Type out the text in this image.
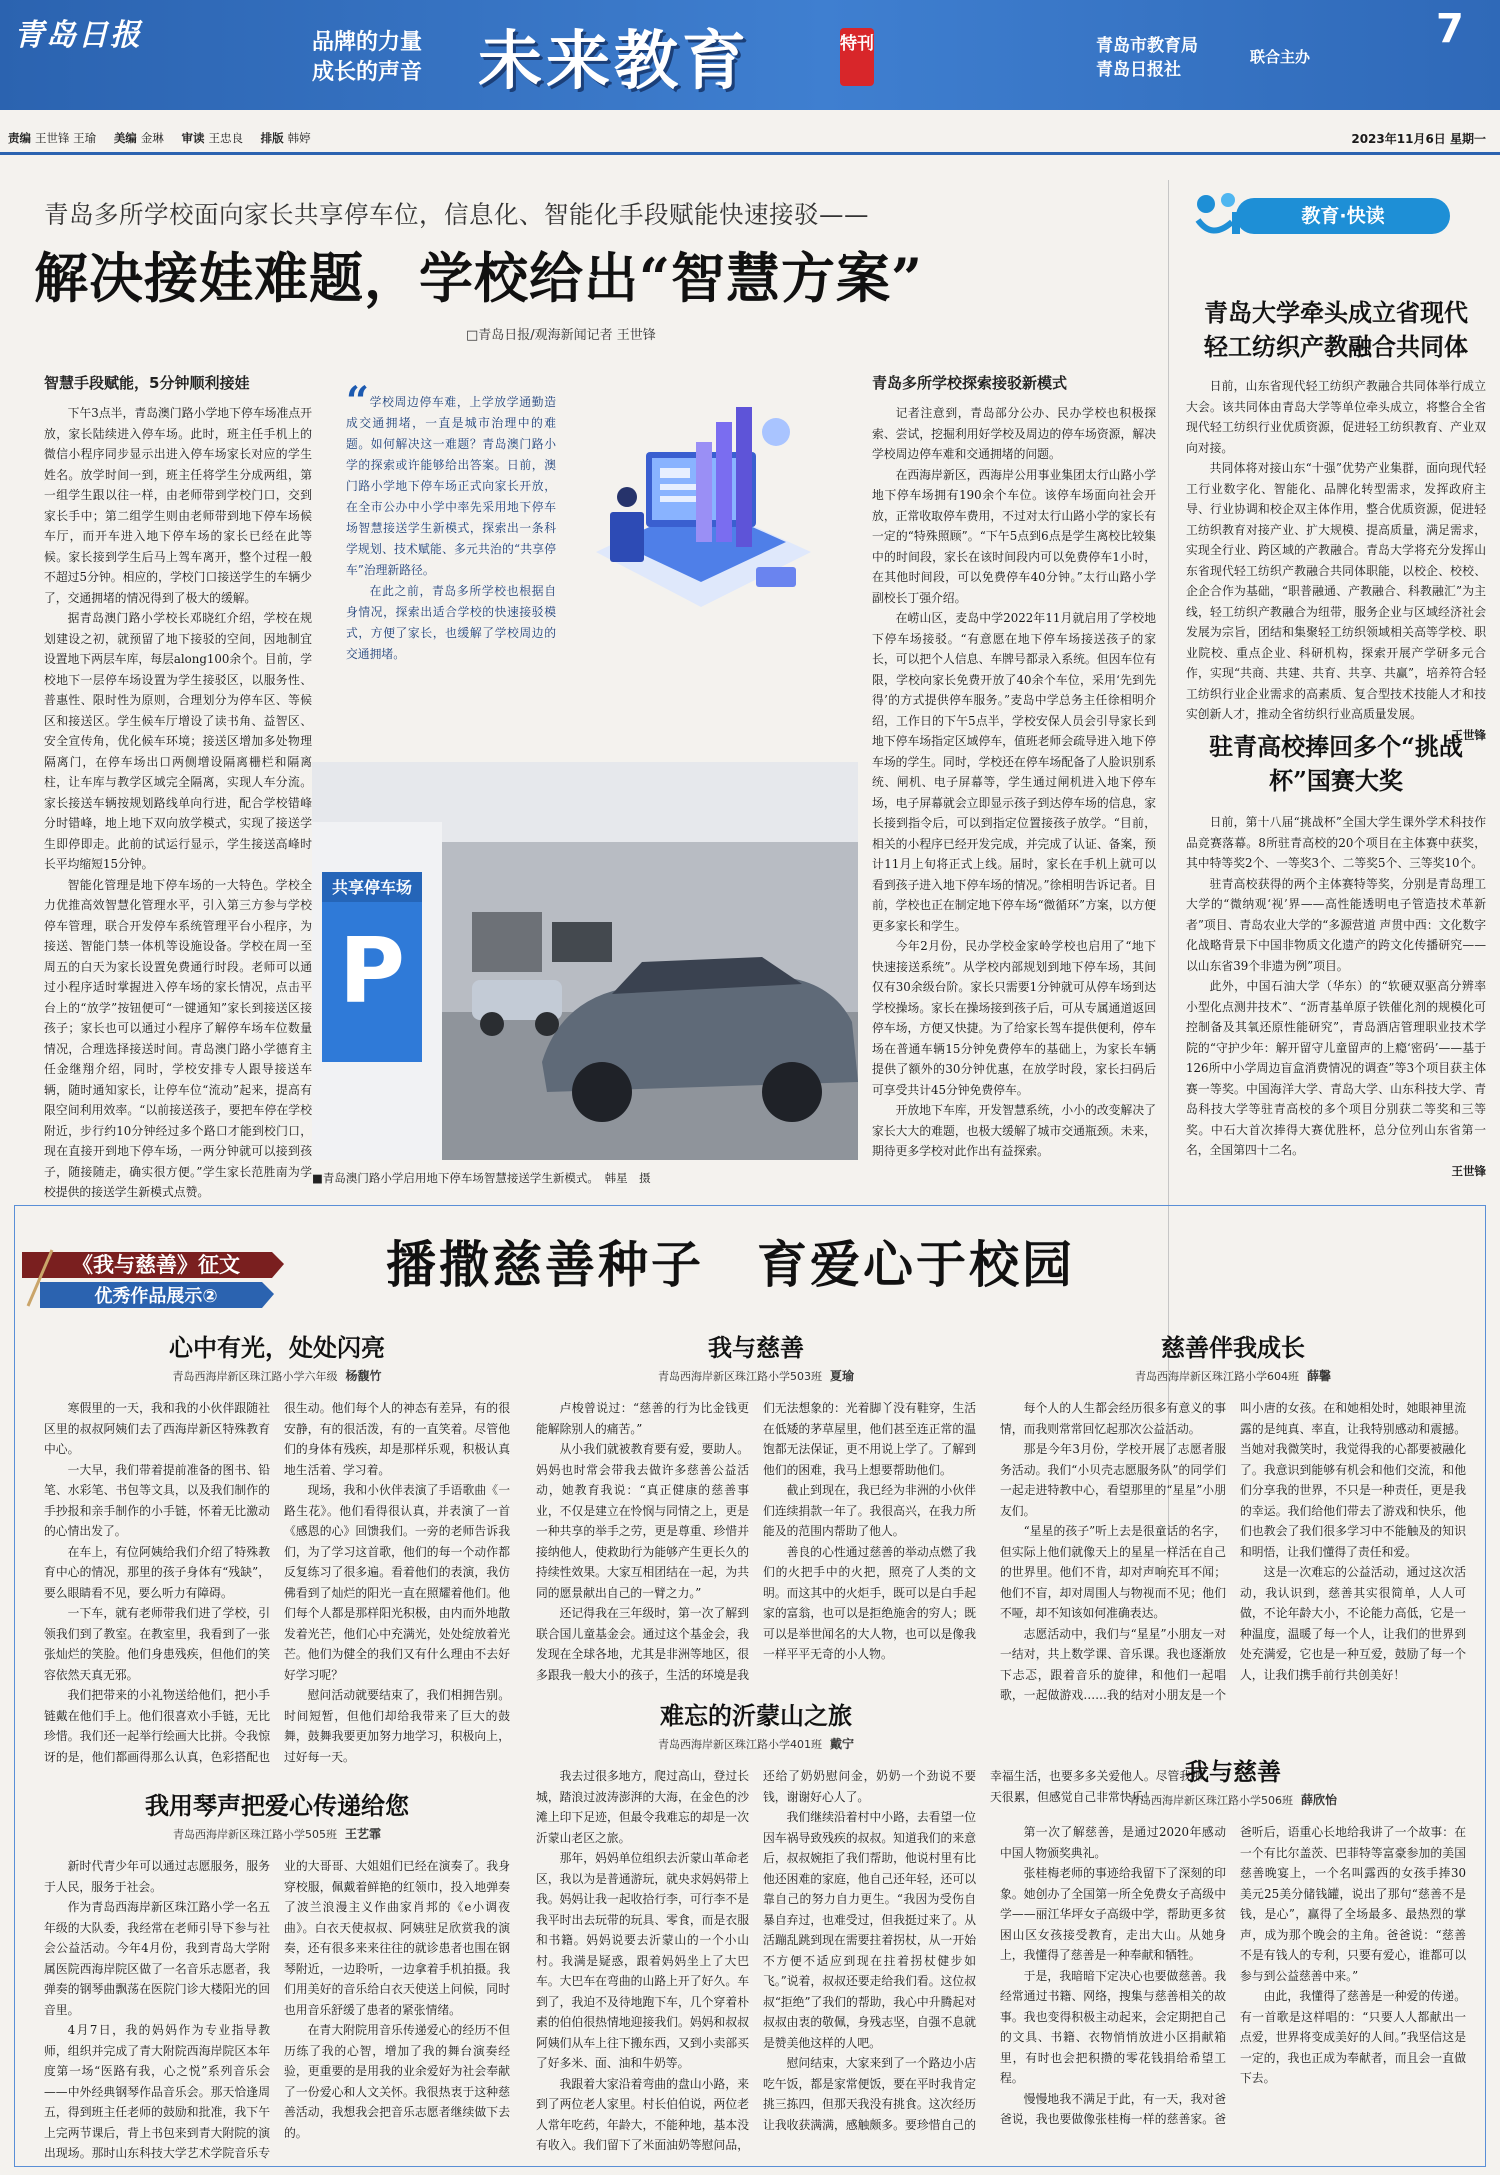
青岛日报	品牌的力量
成长的声音 未来教育	特刊	青岛市教育局
青岛日报社
联合主办
7
责编 王世锋 王瑜 美编 金琳 审读 王忠良 排版 韩婷	2023年11月6日 星期一
青岛多所学校面向家长共享停车位，信息化、智能化手段赋能快速接驳——
解决接娃难题，学校给出“智慧方案”
□青岛日报/观海新闻记者 王世锋
智慧手段赋能，5分钟顺利接娃

下午3点半，青岛澳门路小学地下停车场准点开放，家长陆续进入停车场。此时，班主任手机上的微信小程序同步显示出进入停车场家长对应的学生姓名。放学时间一到，班主任将学生分成两组，第一组学生跟以往一样，由老师带到学校门口，交到家长手中；第二组学生则由老师带到地下停车场候车厅，而开车进入地下停车场的家长已经在此等候。家长接到学生后马上驾车离开，整个过程一般不超过5分钟。相应的，学校门口接送学生的车辆少了，交通拥堵的情况得到了极大的缓解。

据青岛澳门路小学校长邓晓红介绍，学校在规划建设之初，就预留了地下接驳的空间，因地制宜设置地下两层车库，每层along100余个。目前，学校地下一层停车场设置为学生接驳区，以服务性、普惠性、限时性为原则，合理划分为停车区、等候区和接送区。学生候车厅增设了读书角、益智区、安全宣传角，优化候车环境；接送区增加多处物理隔离门，在停车场出口两侧增设隔离栅栏和隔离柱，让车库与教学区域完全隔离，实现人车分流。家长接送车辆按规划路线单向行进，配合学校错峰分时错峰，地上地下双向放学模式，实现了接送学生即停即走。此前的试运行显示，学生接送高峰时长平均缩短15分钟。

智能化管理是地下停车场的一大特色。学校全力优推高效智慧化管理水平，引入第三方参与学校停车管理，联合开发停车系统管理平台小程序，为接送、智能门禁一体机等设施设备。学校在周一至周五的白天为家长设置免费通行时段。老师可以通过小程序适时掌握进入停车场的家长情况，点击平台上的“放学”按钮便可“一键通知”家长到接送区接孩子；家长也可以通过小程序了解停车场车位数量情况，合理选择接送时间。青岛澳门路小学德育主任金继翔介绍，同时，学校安排专人跟导接送车辆，随时通知家长，让停车位“流动”起来，提高有限空间利用效率。“以前接送孩子，要把车停在学校附近，步行约10分钟经过多个路口才能到校门口，现在直接开到地下停车场，一两分钟就可以接到孩子，随接随走，确实很方便。”学生家长范胜南为学校提供的接送学生新模式点赞。

“ 学校周边停车难，上学放学通勤造成交通拥堵，一直是城市治理中的难题。如何解决这一难题？青岛澳门路小学的探索或许能够给出答案。日前，澳门路小学地下停车场正式向家长开放，在全市公办中小学中率先采用地下停车场智慧接送学生新模式，探索出一条科学规划、技术赋能、多元共治的“共享停车”治理新路径。

在此之前，青岛多所学校也根据自身情况，探索出适合学校的快速接驳模式，方便了家长，也缓解了学校周边的交通拥堵。

共享停车场
P
■青岛澳门路小学启用地下停车场智慧接送学生新模式。　韩星　摄
青岛多所学校探索接驳新模式

记者注意到，青岛部分公办、民办学校也积极探索、尝试，挖掘利用好学校及周边的停车场资源，解决学校周边停车难和交通拥堵的问题。

在西海岸新区，西海岸公用事业集团太行山路小学地下停车场拥有190余个车位。该停车场面向社会开放，正常收取停车费用，不过对太行山路小学的家长有一定的“特殊照顾”。“下午5点到6点是学生离校比较集中的时间段，家长在该时间段内可以免费停车1小时，在其他时间段，可以免费停车40分钟。”太行山路小学副校长丁强介绍。

在崂山区，麦岛中学2022年11月就启用了学校地下停车场接驳。“有意愿在地下停车场接送孩子的家长，可以把个人信息、车牌号都录入系统。但因车位有限，学校向家长免费开放了40余个车位，采用‘先到先得’的方式提供停车服务。”麦岛中学总务主任徐相明介绍，工作日的下午5点半，学校安保人员会引导家长到地下停车场指定区域停车，值班老师会疏导进入地下停车场的学生。同时，学校还在停车场配备了人脸识别系统、闸机、电子屏幕等，学生通过闸机进入地下停车场，电子屏幕就会立即显示孩子到达停车场的信息，家长接到指令后，可以到指定位置接孩子放学。“目前，相关的小程序已经开发完成，并完成了认证、备案，预计11月上旬将正式上线。届时，家长在手机上就可以看到孩子进入地下停车场的情况。”徐相明告诉记者。目前，学校也正在制定地下停车场“微循环”方案，以方便更多家长和学生。

今年2月份，民办学校金家岭学校也启用了“地下快速接送系统”。从学校内部规划到地下停车场，其间仅有30余级台阶。家长只需要1分钟就可从停车场到达学校操场。家长在操场接到孩子后，可从专属通道返回停车场，方便又快捷。为了给家长驾车提供便利，停车场在普通车辆15分钟免费停车的基础上，为家长车辆提供了额外的30分钟优惠，在放学时段，家长扫码后可享受共计45分钟免费停车。

开放地下车库，开发智慧系统，小小的改变解决了家长大大的难题，也极大缓解了城市交通瓶颈。未来，期待更多学校对此作出有益探索。

教育·快读
青岛大学牵头成立省现代轻工纺织产教融合共同体

日前，山东省现代轻工纺织产教融合共同体举行成立大会。该共同体由青岛大学等单位牵头成立，将整合全省现代轻工纺织行业优质资源，促进轻工纺织教育、产业双向对接。

共同体将对接山东“十强”优势产业集群，面向现代轻工行业数字化、智能化、品牌化转型需求，发挥政府主导、行业协调和校企双主体作用，整合优质资源，促进轻工纺织教育对接产业、扩大规模、提高质量，满足需求，实现全行业、跨区域的产教融合。青岛大学将充分发挥山东省现代轻工纺织产教融合共同体职能，以校企、校校、企企合作为基础，“职普融通、产教融合、科教融汇”为主线，轻工纺织产教融合为纽带，服务企业与区域经济社会发展为宗旨，团结和集聚轻工纺织领域相关高等学校、职业院校、重点企业、科研机构，探索开展产学研多元合作，实现“共商、共建、共育、共享、共赢”，培养符合轻工纺织行业企业需求的高素质、复合型技术技能人才和技实创新人才，推动全省纺织行业高质量发展。

王世锋

驻青高校捧回多个“挑战杯”国赛大奖

日前，第十八届“挑战杯”全国大学生课外学术科技作品竞赛落幕。8所驻青高校的20个项目在主体赛中获奖，其中特等奖2个、一等奖3个、二等奖5个、三等奖10个。

驻青高校获得的两个主体赛特等奖，分别是青岛理工大学的“微纳观‘视’界——高性能透明电子管造技术革新者”项目、青岛农业大学的“多源营道 声贯中西：文化数字化战略背景下中国非物质文化遗产的跨文化传播研究——以山东省39个非遗为例”项目。

此外，中国石油大学（华东）的“软硬双驱高分辨率小型化点测井技术”、“沥青基单原子铁催化剂的规模化可控制备及其氧还原性能研究”，青岛酒店管理职业技术学院的“守护少年：解开留守儿童留声的上瘾‘密码’——基于126所中小学周边盲盒消费情况的调查”等3个项目获主体赛一等奖。中国海洋大学、青岛大学、山东科技大学、青岛科技大学等驻青高校的多个项目分别获二等奖和三等奖。中石大首次捧得大赛优胜杯，总分位列山东省第一名，全国第四十二名。

王世锋

《我与慈善》征文
优秀作品展示②
播撒慈善种子　育爱心于校园
心中有光，处处闪亮
青岛西海岸新区珠江路小学六年级 杨馥竹

寒假里的一天，我和我的小伙伴跟随社区里的叔叔阿姨们去了西海岸新区特殊教育中心。

一大早，我们带着提前准备的图书、铅笔、水彩笔、书包等文具，以及我们制作的手抄报和亲手制作的小手链，怀着无比激动的心情出发了。

在车上，有位阿姨给我们介绍了特殊教育中心的情况，那里的孩子身体有“残缺”，要么眼睛看不见，要么听力有障碍。

一下车，就有老师带我们进了学校，引领我们到了教室。在教室里，我看到了一张张灿烂的笑脸。他们身患残疾，但他们的笑容依然天真无邪。

我们把带来的小礼物送给他们，把小手链戴在他们手上。他们很喜欢小手链，无比珍惜。我们还一起举行绘画大比拼。令我惊讶的是，他们都画得那么认真，色彩搭配也很生动。他们每个人的神态有差异，有的很安静，有的很活泼，有的一直笑着。尽管他们的身体有残疾，却是那样乐观，积极认真地生活着、学习着。

现场，我和小伙伴表演了手语歌曲《一路生花》。他们看得很认真，并表演了一首《感恩的心》回馈我们。一旁的老师告诉我们，为了学习这首歌，他们的每一个动作都反复练习了很多遍。看着他们的表演，我仿佛看到了灿烂的阳光一直在照耀着他们。他们每个人都是那样阳光积极，由内而外地散发着光芒，他们心中充满光，处处绽放着光芒。他们为健全的我们又有什么理由不去好好学习呢？

慰问活动就要结束了，我们相拥告别。时间短暂，但他们却给我带来了巨大的鼓舞，鼓舞我要更加努力地学习，积极向上，过好每一天。

我与慈善
青岛西海岸新区珠江路小学503班 夏瑜

卢梭曾说过：“慈善的行为比金钱更能解除别人的痛苦。”

从小我们就被教育要有爱，要助人。妈妈也时常会带我去做许多慈善公益活动，她教育我说：“真正健康的慈善事业，不仅是建立在怜悯与同情之上，更是一种共享的举手之劳，更是尊重、珍惜并接纳他人，使救助行为能够产生更长久的持续性效果。大家互相团结在一起，为共同的愿景献出自己的一臂之力。”

还记得我在三年级时，第一次了解到联合国儿童基金会。通过这个基金会，我发现在全球各地，尤其是非洲等地区，很多跟我一般大小的孩子，生活的环境是我们无法想象的：光着脚丫没有鞋穿，生活在低矮的茅草屋里，他们甚至连正常的温饱都无法保证，更不用说上学了。了解到他们的困难，我马上想要帮助他们。

截止到现在，我已经为非洲的小伙伴们连续捐款一年了。我很高兴，在我力所能及的范围内帮助了他人。

善良的心性通过慈善的举动点燃了我们的火把手中的火把，照亮了人类的文明。而这其中的火炬手，既可以是白手起家的富翁，也可以是拒绝施舍的穷人；既可以是举世闻名的大人物，也可以是像我一样平平无奇的小人物。

慈善伴我成长
青岛西海岸新区珠江路小学604班 薛馨

每个人的人生都会经历很多有意义的事情，而我则常常回忆起那次公益活动。

那是今年3月份，学校开展了志愿者服务活动。我们“小贝壳志愿服务队”的同学们一起走进特教中心，看望那里的“星星”小朋友们。

“星星的孩子”听上去是很童话的名字，但实际上他们就像天上的星星一样活在自己的世界里。他们不肯，却对声响充耳不闻；他们不盲，却对周围人与物视而不见；他们不哑，却不知该如何准确表达。

志愿活动中，我们与“星星”小朋友一对一结对，共上数学课、音乐课。我也逐渐放下忐忑，跟着音乐的旋律，和他们一起唱歌，一起做游戏……我的结对小朋友是一个叫小唐的女孩。在和她相处时，她眼神里流露的是纯真、率直，让我特别感动和震撼。当她对我微笑时，我觉得我的心都要被融化了。我意识到能够有机会和他们交流，和他们分享我的世界，不只是一种责任，更是我的幸运。我们给他们带去了游戏和快乐，他们也教会了我们很多学习中不能触及的知识和明悟，让我们懂得了责任和爱。

这是一次难忘的公益活动，通过这次活动，我认识到，慈善其实很简单，人人可做，不论年龄大小，不论能力高低，它是一种温度，温暖了每一个人，让我们的世界到处充满爱，它也是一种互爱，鼓励了每一个人，让我们携手前行共创美好！

我用琴声把爱心传递给您
青岛西海岸新区珠江路小学505班 王艺霏

新时代青少年可以通过志愿服务，服务于人民，服务于社会。

作为青岛西海岸新区珠江路小学一名五年级的大队委，我经常在老师引导下参与社会公益活动。今年4月份，我到青岛大学附属医院西海岸院区做了一名音乐志愿者，我弹奏的钢琴曲飘荡在医院门诊大楼阳光的回音里。

4月7日，我的妈妈作为专业指导教师，组织并完成了青大附院西海岸院区本年度第一场“医路有我，心之悦”系列音乐会——中外经典钢琴作品音乐会。那天恰逢周五，得到班主任老师的鼓励和批准，我下午上完两节课后，背上书包来到青大附院的演出现场。那时山东科技大学艺术学院音乐专业的大哥哥、大姐姐们已经在演奏了。我身穿校服，佩戴着鲜艳的红领巾，投入地弹奏了波兰浪漫主义作曲家肖邦的《e小调夜曲》。白衣天使叔叔、阿姨驻足欣赏我的演奏，还有很多来来往往的就诊患者也围在钢琴附近，一边聆听，一边拿着手机拍摄。我们用美好的音乐给白衣天使送上问候，同时也用音乐舒缓了患者的紧张情绪。

在青大附院用音乐传递爱心的经历不但历练了我的心智，增加了我的舞台演奏经验，更重要的是用我的业余爱好为社会奉献了一份爱心和人文关怀。我很热衷于这种慈善活动，我想我会把音乐志愿者继续做下去的。

难忘的沂蒙山之旅
青岛西海岸新区珠江路小学401班 戴宁

我去过很多地方，爬过高山，登过长城，踏浪过波涛澎湃的大海，在金色的沙滩上印下足迹，但最令我难忘的却是一次沂蒙山老区之旅。

那年，妈妈单位组织去沂蒙山革命老区，我以为是普通游玩，就央求妈妈带上我。妈妈让我一起收拾行李，可行李不是我平时出去玩带的玩具、零食，而是衣服和书籍。妈妈说要去沂蒙山的一个小山村。我满是疑惑，跟着妈妈坐上了大巴车。大巴车在弯曲的山路上开了好久。车到了，我迫不及待地跑下车，几个穿着朴素的伯伯很热情地迎接我们。妈妈和叔叔阿姨们从车上往下搬东西，又到小卖部买了好多米、面、油和牛奶等。

我跟着大家沿着弯曲的盘山小路，来到了两位老人家里。村长伯伯说，两位老人常年吃药，年龄大，不能种地，基本没有收入。我们留下了米面油奶等慰问品，还给了奶奶慰问金，奶奶一个劲说不要钱，谢谢好心人了。

我们继续沿着村中小路，去看望一位因车祸导致残疾的叔叔。知道我们的来意后，叔叔婉拒了我们帮助，他说村里有比他还困难的家庭，他自己还年轻，还可以靠自己的努力自力更生。“我因为受伤自暴自弃过，也难受过，但我挺过来了。从活蹦乱跳到现在需要拄着拐杖，从一开始不方便不适应到现在拄着拐杖健步如飞。”说着，叔叔还要走给我们看。这位叔叔“拒绝”了我们的帮助，我心中升腾起对叔叔由衷的敬佩，身残志坚，自强不息就是赞美他这样的人吧。

慰问结束，大家来到了一个路边小店吃午饭，都是家常便饭，要在平时我肯定挑三拣四，但那天我没有挑食。这次经历让我收获满满，感触颇多。要珍惜自己的幸福生活，也要多多关爱他人。尽管我那天很累，但感觉自己非常快乐！

我与慈善
青岛西海岸新区珠江路小学506班 薛欣怡

第一次了解慈善，是通过2020年感动中国人物颁奖典礼。

张桂梅老师的事迹给我留下了深刻的印象。她创办了全国第一所全免费女子高级中学——丽江华坪女子高级中学，帮助更多贫困山区女孩接受教育，走出大山。从她身上，我懂得了慈善是一种奉献和牺牲。

于是，我暗暗下定决心也要做慈善。我经常通过书籍、网络，搜集与慈善相关的故事。我也变得积极主动起来，会定期把自己的文具、书籍、衣物悄悄放进小区捐献箱里，有时也会把积攒的零花钱捐给希望工程。

慢慢地我不满足于此，有一天，我对爸爸说，我也要做像张桂梅一样的慈善家。爸爸听后，语重心长地给我讲了一个故事：在一个有比尔盖茨、巴菲特等富豪参加的美国慈善晚宴上，一个名叫露西的女孩手捧30美元25美分储钱罐，说出了那句“慈善不是钱，是心”，赢得了全场最多、最热烈的掌声，成为那个晚会的主角。爸爸说：“慈善不是有钱人的专利，只要有爱心，谁都可以参与到公益慈善中来。”

由此，我懂得了慈善是一种爱的传递。有一首歌是这样唱的：“只要人人都献出一点爱，世界将变成美好的人间。”我坚信这是一定的，我也正成为奉献者，而且会一直做下去。
